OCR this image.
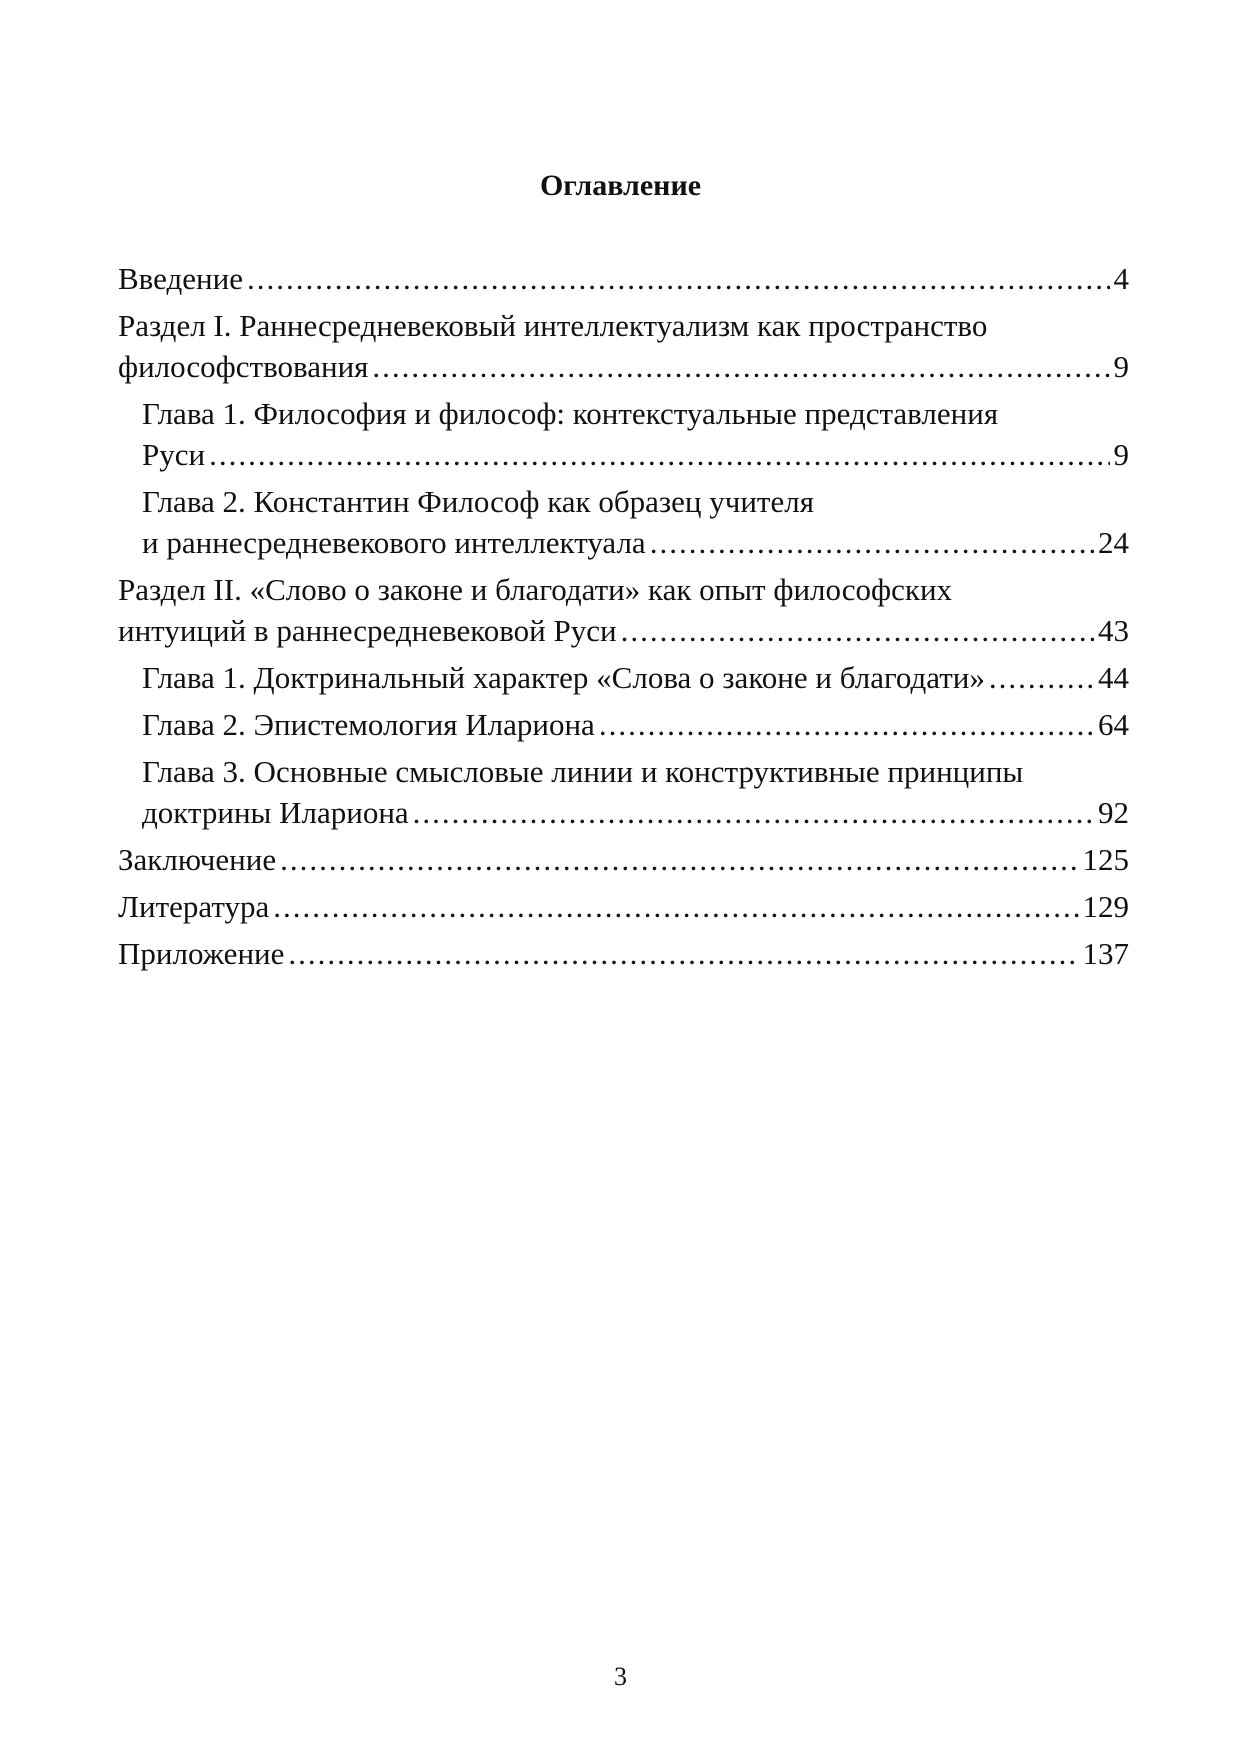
Оглавление
Введение .....	4
Раздел I. Раннесредневековый интеллектуализм как пространство
философствования .....	9
Глава 1. Философия и философ: контекстуальные представления
Руси .....	9
Глава 2. Константин Философ как образец учителя
и раннесредневекового интеллектуала .....	24
Раздел II. «Слово о законе и благодати» как опыт философских
интуиций в раннесредневековой Руси .....	43
Глава 1. Доктринальный характер «Слова о законе и благодати» .....	44
Глава 2. Эпистемология Илариона .....	64
Глава 3. Основные смысловые линии и конструктивные принципы
доктрины Илариона .....	92
Заключение .....	125
Литература .....	129
Приложение .....	137
3
